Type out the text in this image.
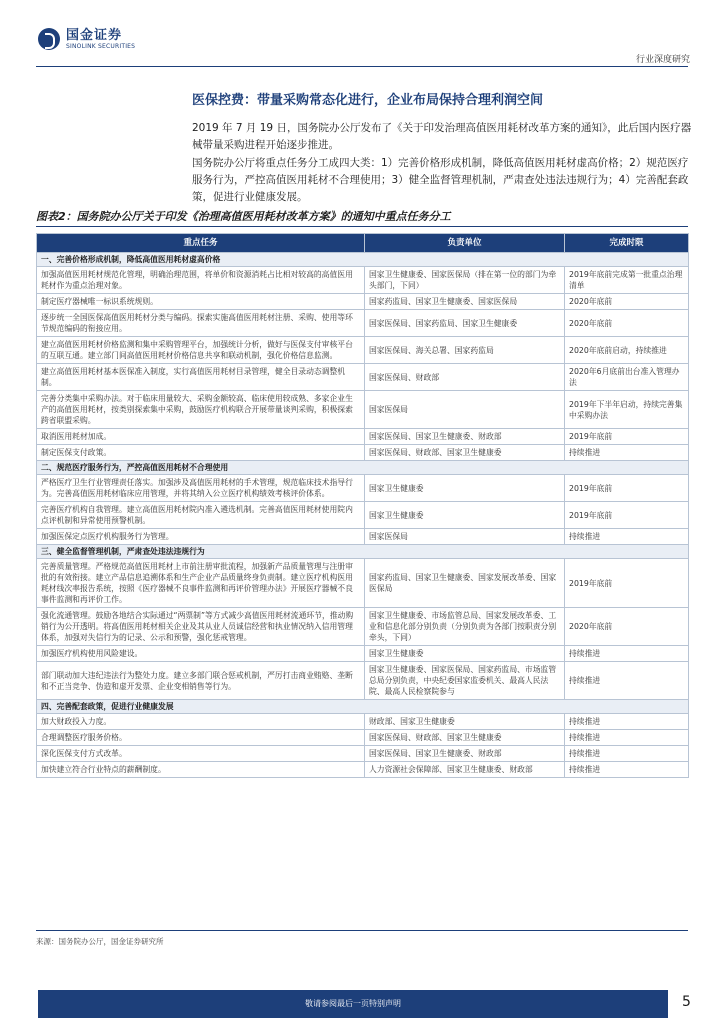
国金证券
SINOLINK SECURITIES
行业深度研究
医保控费：带量采购常态化进行，企业布局保持合理利润空间
2019 年 7 月 19 日，国务院办公厅发布了《关于印发治理高值医用耗材改革方案的通知》，此后国内医疗器械带量采购进程开始逐步推进。
国务院办公厅将重点任务分工成四大类：1）完善价格形成机制，降低高值医用耗材虚高价格；2）规范医疗服务行为，严控高值医用耗材不合理使用；3）健全监督管理机制，严肃查处违法违规行为；4）完善配套政策，促进行业健康发展。
图表2：国务院办公厅关于印发《治理高值医用耗材改革方案》的通知中重点任务分工
重点任务	负责单位	完成时限
一、完善价格形成机制，降低高值医用耗材虚高价格		
加强高值医用耗材规范化管理，明确治理范围，将单价和资源消耗占比相对较高的高值医用耗材作为重点治理对象。	国家卫生健康委、国家医保局（排在第一位的部门为牵头部门，下同）	2019年底前完成第一批重点治理清单
制定医疗器械唯一标识系统规则。	国家药监局、国家卫生健康委、国家医保局	2020年底前
逐步统一全国医保高值医用耗材分类与编码。探索实施高值医用耗材注册、采购、使用等环节规范编码的衔接应用。	国家医保局、国家药监局、国家卫生健康委	2020年底前
建立高值医用耗材价格监测和集中采购管理平台，加强统计分析，做好与医保支付审核平台的互联互通。建立部门间高值医用耗材价格信息共享和联动机制，强化价格信息监测。	国家医保局、海关总署、国家药监局	2020年底前启动，持续推进
建立高值医用耗材基本医保准入制度，实行高值医用耗材目录管理，健全目录动态调整机制。	国家医保局、财政部	2020年6月底前出台准入管理办法
完善分类集中采购办法。对于临床用量较大、采购金额较高、临床使用较成熟、多家企业生产的高值医用耗材，按类别探索集中采购，鼓励医疗机构联合开展带量谈判采购，积极探索跨省联盟采购。	国家医保局	2019年下半年启动，持续完善集中采购办法
取消医用耗材加成。	国家医保局、国家卫生健康委、财政部	2019年底前
制定医保支付政策。	国家医保局、财政部、国家卫生健康委	持续推进
二、规范医疗服务行为，严控高值医用耗材不合理使用		
严格医疗卫生行业管理责任落实。加强涉及高值医用耗材的手术管理，规范临床技术指导行为。完善高值医用耗材临床应用管理，并将其纳入公立医疗机构绩效考核评价体系。	国家卫生健康委	2019年底前
完善医疗机构自我管理。建立高值医用耗材院内准入遴选机制。完善高值医用耗材使用院内点评机制和异常使用预警机制。	国家卫生健康委	2019年底前
加强医保定点医疗机构服务行为管理。	国家医保局	持续推进
三、健全监督管理机制，严肃查处违法违规行为		
完善质量管理。严格规范高值医用耗材上市前注册审批流程，加强新产品质量管理与注册审批的有效衔接。建立产品信息追溯体系和生产企业产品质量终身负责制。建立医疗机构医用耗材线次率报告系统，按照《医疗器械不良事件监测和再评价管理办法》开展医疗器械不良事件监测和再评价工作。	国家药监局、国家卫生健康委、国家发展改革委、国家医保局	2019年底前
强化流通管理。鼓励各地结合实际通过“两票制”等方式减少高值医用耗材流通环节，推动购销行为公开透明。将高值医用耗材相关企业及其从业人员诚信经营和执业情况纳入信用管理体系，加强对失信行为的记录、公示和预警，强化惩戒管理。	国家卫生健康委、市场监管总局、国家发展改革委、工业和信息化部分别负责（分别负责为各部门按职责分别牵头，下同）	2020年底前
加强医疗机构使用风险建设。	国家卫生健康委	持续推进
部门联动加大违纪违法行为整处力度。建立多部门联合惩戒机制，严厉打击商业贿赂、垄断和不正当竞争、伪造和虚开发票、企业变相销售等行为。	国家卫生健康委、国家医保局、国家药监局、市场监管总局分别负责，中央纪委国家监委机关、最高人民法院、最高人民检察院参与	持续推进
四、完善配套政策，促进行业健康发展		
加大财政投入力度。	财政部、国家卫生健康委	持续推进
合理调整医疗服务价格。	国家医保局、财政部、国家卫生健康委	持续推进
深化医保支付方式改革。	国家医保局、国家卫生健康委、财政部	持续推进
加快建立符合行业特点的薪酬制度。	人力资源社会保障部、国家卫生健康委、财政部	持续推进
来源：国务院办公厅，国金证券研究所
敬请参阅最后一页特别声明	5
